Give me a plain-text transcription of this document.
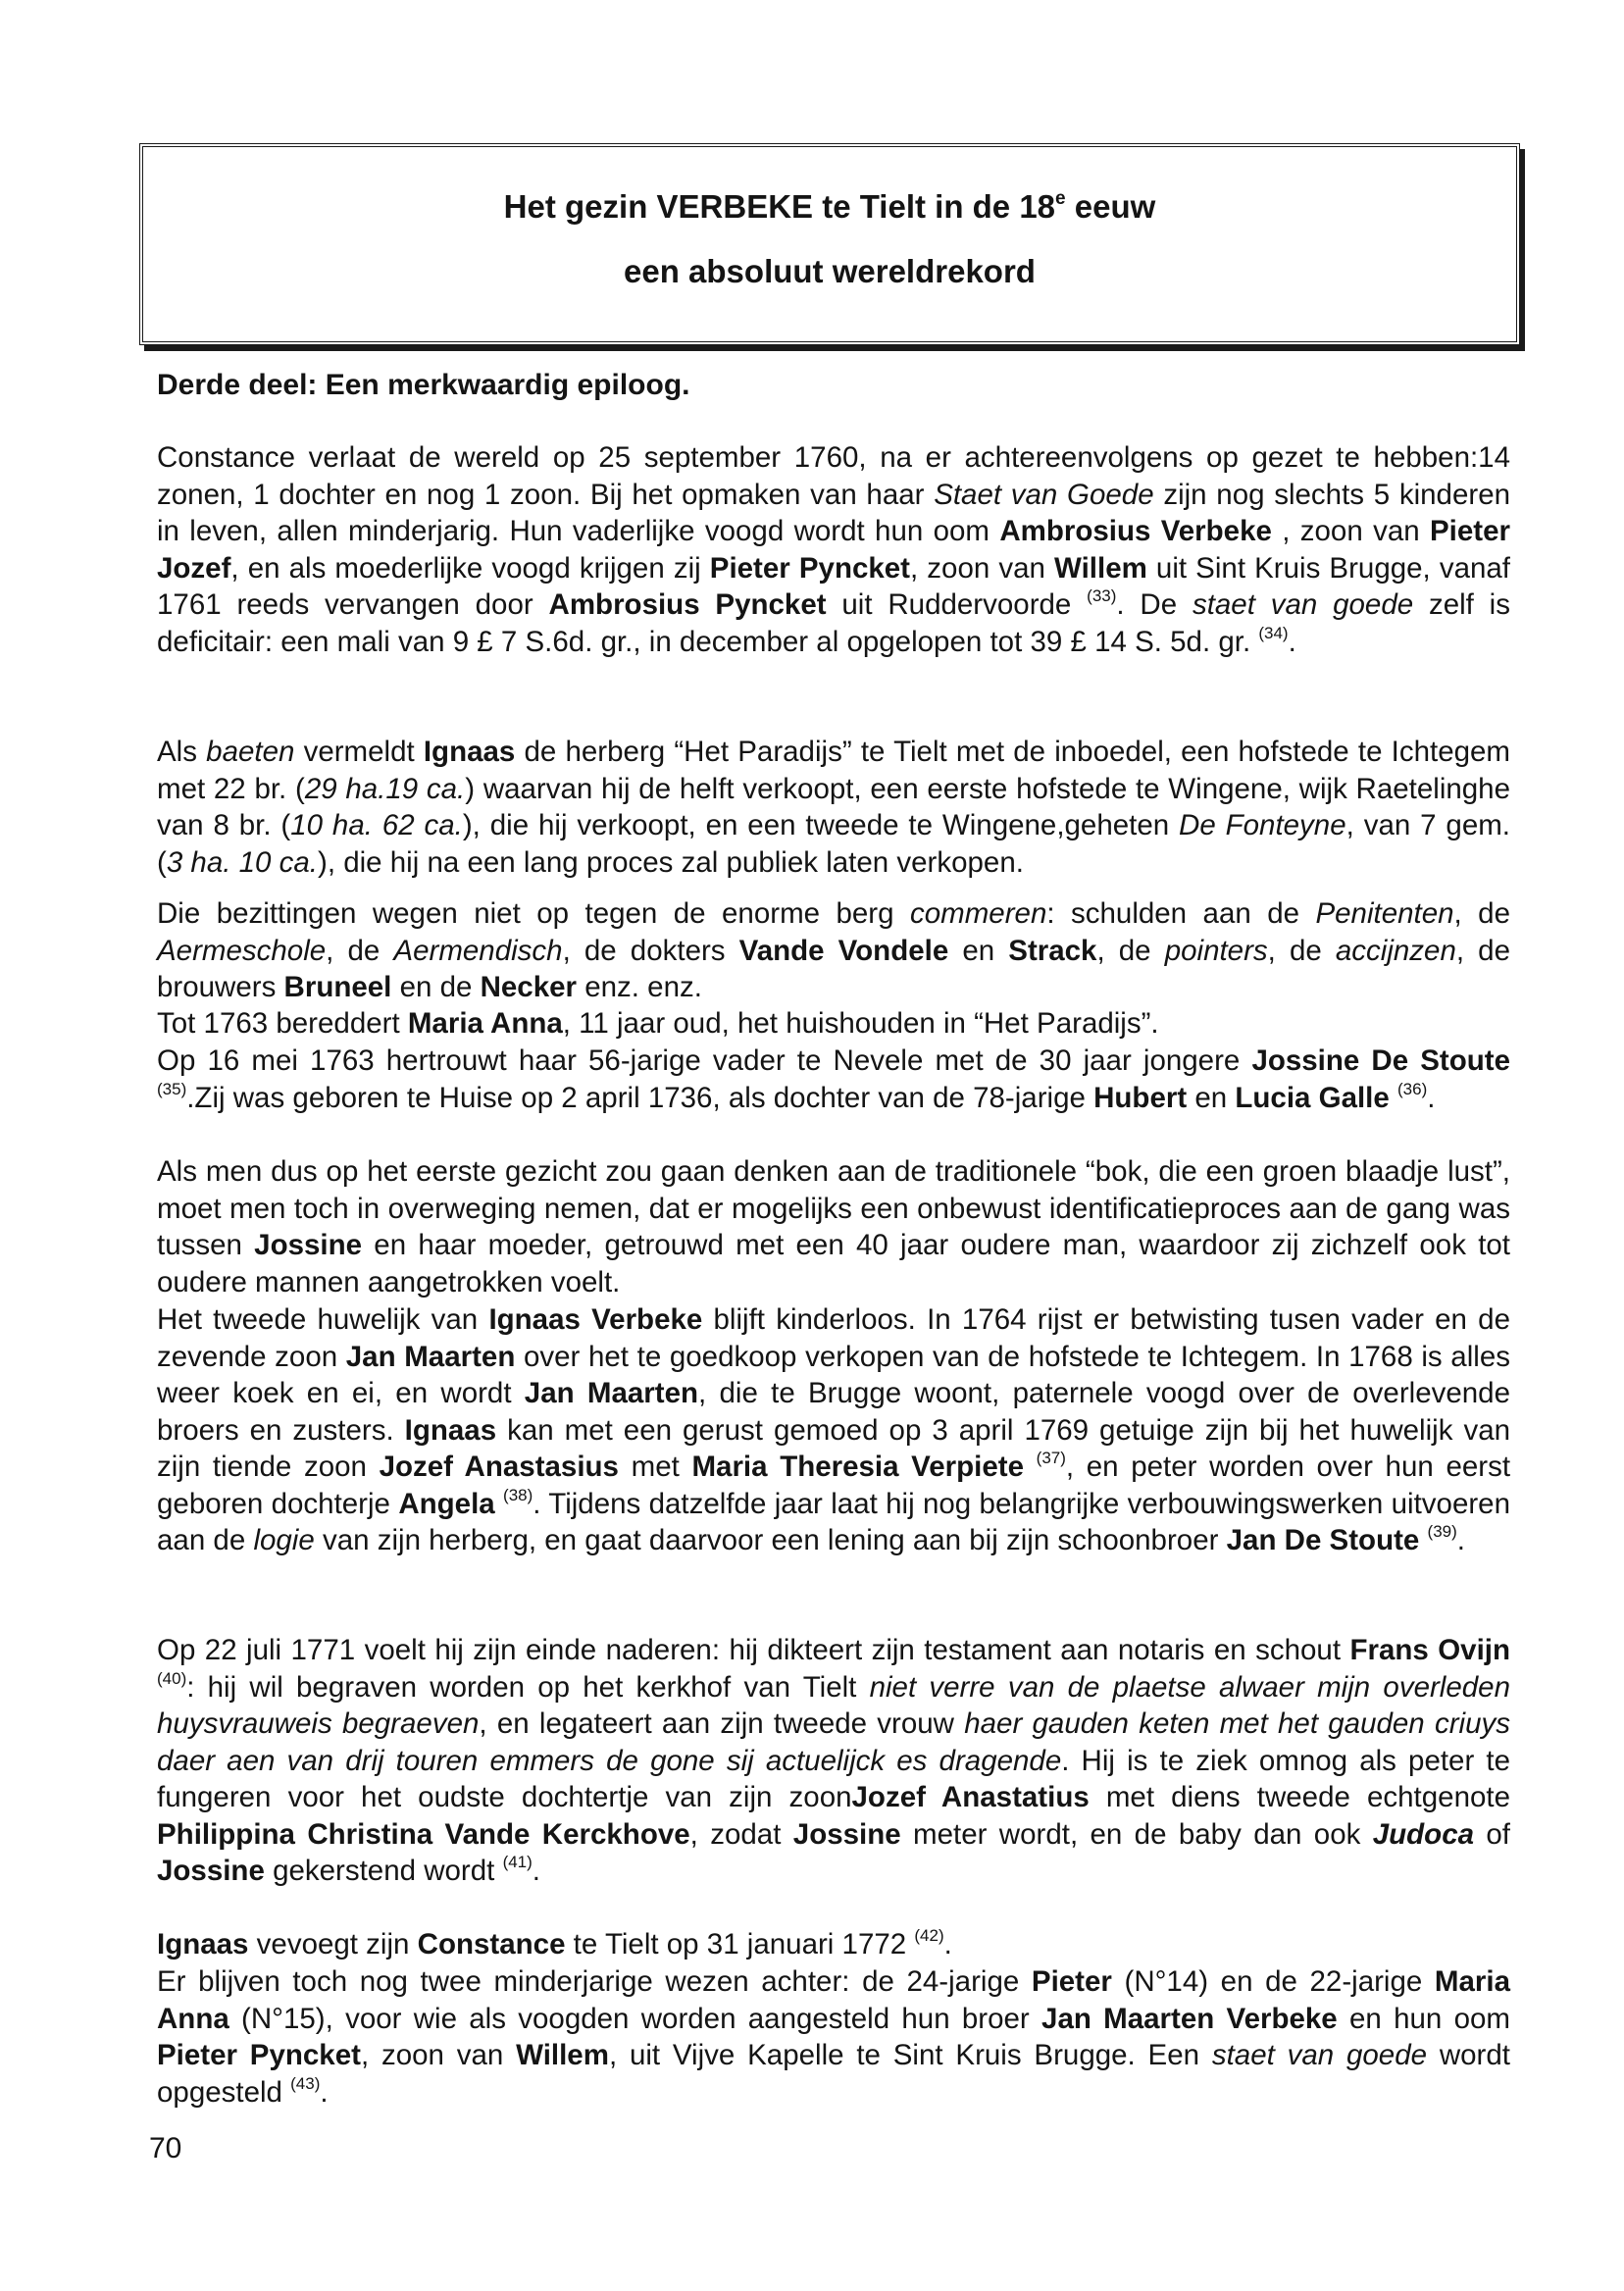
Het gezin VERBEKE te Tielt in de 18e eeuw
een absoluut wereldrekord
Derde deel: Een merkwaardig epiloog.

Constance verlaat de wereld op 25 september 1760, na er achtereenvolgens op gezet te hebben:14 zonen, 1 dochter en nog 1 zoon. Bij het opmaken van haar Staet van Goede zijn nog slechts 5 kinderen in leven, allen minderjarig. Hun vaderlijke voogd wordt hun oom Ambrosius Verbeke , zoon van Pieter Jozef, en als moederlijke voogd krijgen zij Pieter Pyncket, zoon van Willem uit Sint Kruis Brugge, vanaf 1761 reeds vervangen door Ambrosius Pyncket uit Ruddervoorde $^{(33)}$. De staet van goede zelf is deficitair: een mali van 9 £ 7 S.6d. gr., in december al opgelopen tot 39 £ 14 S. 5d. gr. $^{(34)}$.

Als baeten vermeldt Ignaas de herberg “Het Paradijs” te Tielt met de inboedel, een hofstede te Ichtegem met 22 br. (29 ha.19 ca.) waarvan hij de helft verkoopt, een eerste hofstede te Wingene, wijk Raetelinghe van 8 br. (10 ha. 62 ca.), die hij verkoopt, en een tweede te Wingene,geheten De Fonteyne, van 7 gem. (3 ha. 10 ca.), die hij na een lang proces zal publiek laten verkopen.

Die bezittingen wegen niet op tegen de enorme berg commeren: schulden aan de Penitenten, de Aermeschole, de Aermendisch, de dokters Vande Vondele en Strack, de pointers, de accijnzen, de brouwers Bruneel en de Necker enz. enz.

Tot 1763 bereddert Maria Anna, 11 jaar oud, het huishouden in “Het Paradijs”.

Op 16 mei 1763 hertrouwt haar 56-jarige vader te Nevele met de 30 jaar jongere Jossine De Stoute $^{(35)}$.Zij was geboren te Huise op 2 april 1736, als dochter van de 78-jarige Hubert en Lucia Galle $^{(36)}$.

Als men dus op het eerste gezicht zou gaan denken aan de traditionele “bok, die een groen blaadje lust”, moet men toch in overweging nemen, dat er mogelijks een onbewust identificatieproces aan de gang was tussen Jossine en haar moeder, getrouwd met een 40 jaar oudere man, waardoor zij zichzelf ook tot oudere mannen aangetrokken voelt.

Het tweede huwelijk van Ignaas Verbeke blijft kinderloos. In 1764 rijst er betwisting tusen vader en de zevende zoon Jan Maarten over het te goedkoop verkopen van de hofstede te Ichtegem. In 1768 is alles weer koek en ei, en wordt Jan Maarten, die te Brugge woont, paternele voogd over de overlevende broers en zusters. Ignaas kan met een gerust gemoed op 3 april 1769 getuige zijn bij het huwelijk van zijn tiende zoon Jozef Anastasius met Maria Theresia Verpiete $^{(37)}$, en peter worden over hun eerst geboren dochterje Angela $^{(38)}$. Tijdens datzelfde jaar laat hij nog belangrijke verbouwingswerken uitvoeren aan de logie van zijn herberg, en gaat daarvoor een lening aan bij zijn schoonbroer Jan De Stoute $^{(39)}$.

Op 22 juli 1771 voelt hij zijn einde naderen: hij dikteert zijn testament aan notaris en schout Frans Ovijn $^{(40)}$: hij wil begraven worden op het kerkhof van Tielt niet verre van de plaetse alwaer mijn overleden huysvrauweis begraeven, en legateert aan zijn tweede vrouw haer gauden keten met het gauden criuys daer aen van drij touren emmers de gone sij actuelijck es dragende. Hij is te ziek omnog als peter te fungeren voor het oudste dochtertje van zijn zoonJozef Anastatius met diens tweede echtgenote Philippina Christina Vande Kerckhove, zodat Jossine meter wordt, en de baby dan ook Judoca of Jossine gekerstend wordt $^{(41)}$.

Ignaas vevoegt zijn Constance te Tielt op 31 januari 1772 $^{(42)}$.

Er blijven toch nog twee minderjarige wezen achter: de 24-jarige Pieter (N°14) en de 22-jarige Maria Anna (N°15), voor wie als voogden worden aangesteld hun broer Jan Maarten Verbeke en hun oom Pieter Pyncket, zoon van Willem, uit Vijve Kapelle te Sint Kruis Brugge. Een staet van goede wordt opgesteld $^{(43)}$.

70
